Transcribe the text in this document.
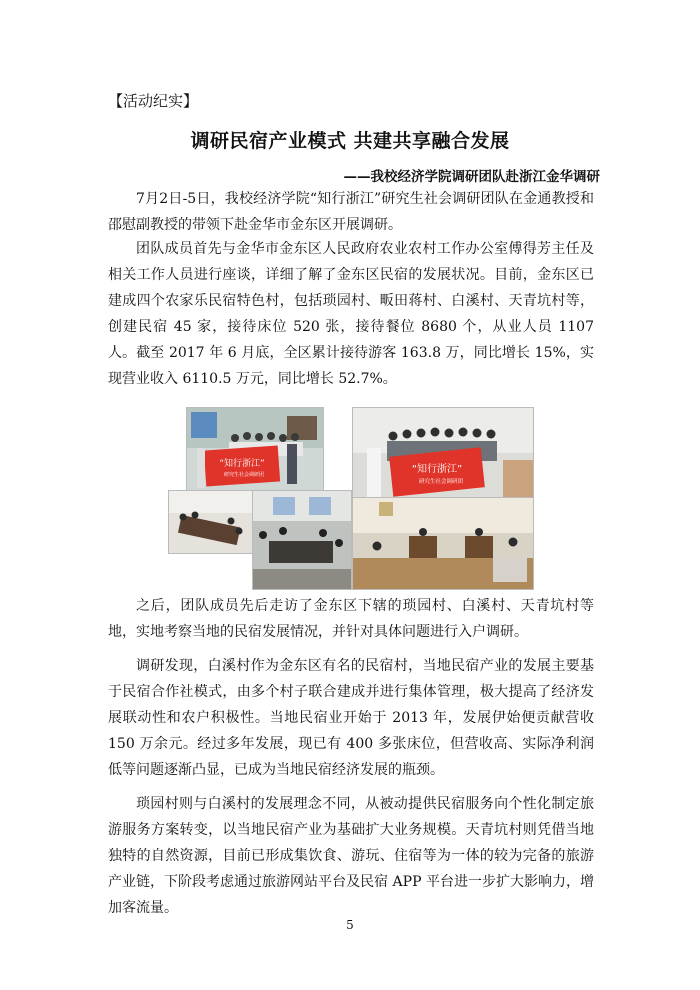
【活动纪实】
调研民宿产业模式 共建共享融合发展
——我校经济学院调研团队赴浙江金华调研

7月2日-5日，我校经济学院“知行浙江”研究生社会调研团队在金通教授和邵慰副教授的带领下赴金华市金东区开展调研。

团队成员首先与金华市金东区人民政府农业农村工作办公室傅得芳主任及相关工作人员进行座谈，详细了解了金东区民宿的发展状况。目前，金东区已建成四个农家乐民宿特色村，包括琐园村、畈田蒋村、白溪村、天青坑村等，创建民宿 45 家，接待床位 520 张，接待餐位 8680 个，从业人员 1107 人。截至 2017 年 6 月底，全区累计接待游客 163.8 万，同比增长 15%，实现营业收入 6110.5 万元，同比增长 52.7%。

“知行浙江”
研究生社会调研团	“知行浙江”
研究生社会调研团

之后，团队成员先后走访了金东区下辖的琐园村、白溪村、天青坑村等地，实地考察当地的民宿发展情况，并针对具体问题进行入户调研。

调研发现，白溪村作为金东区有名的民宿村，当地民宿产业的发展主要基于民宿合作社模式，由多个村子联合建成并进行集体管理，极大提高了经济发展联动性和农户积极性。当地民宿业开始于 2013 年，发展伊始便贡献营收 150 万余元。经过多年发展，现已有 400 多张床位，但营收高、实际净利润低等问题逐渐凸显，已成为当地民宿经济发展的瓶颈。

琐园村则与白溪村的发展理念不同，从被动提供民宿服务向个性化制定旅游服务方案转变，以当地民宿产业为基础扩大业务规模。天青坑村则凭借当地独特的自然资源，目前已形成集饮食、游玩、住宿等为一体的较为完备的旅游产业链，下阶段考虑通过旅游网站平台及民宿 APP 平台进一步扩大影响力，增加客流量。

5
